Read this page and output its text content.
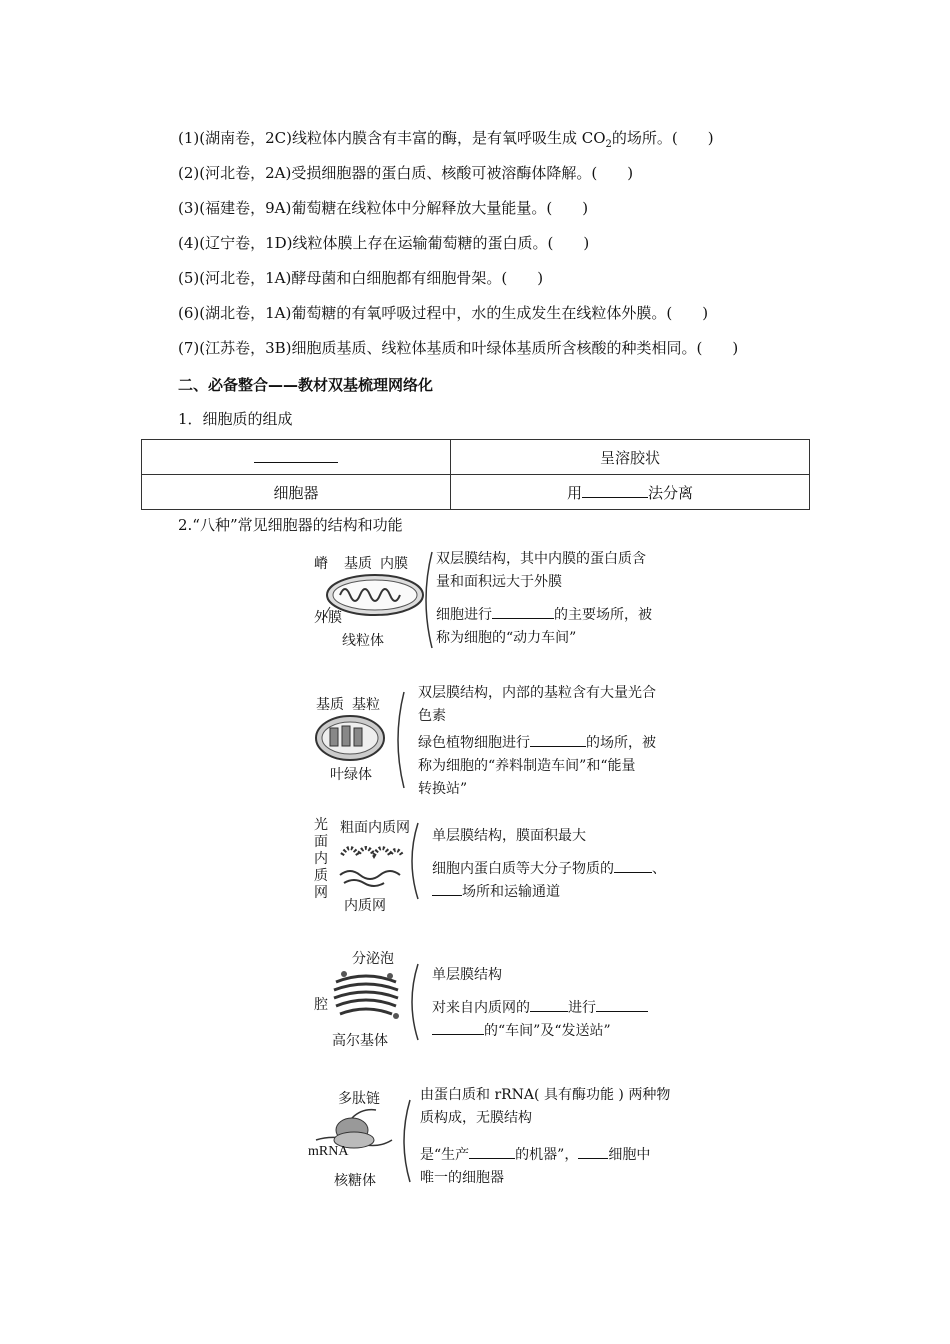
(1)(湖南卷，2C)线粒体内膜含有丰富的酶，是有氧呼吸生成 $CO_2$的场所。(　　)
(2)(河北卷，2A)受损细胞器的蛋白质、核酸可被溶酶体降解。(　　)
(3)(福建卷，9A)葡萄糖在线粒体中分解释放大量能量。(　　)
(4)(辽宁卷，1D)线粒体膜上存在运输葡萄糖的蛋白质。(　　)
(5)(河北卷，1A)酵母菌和白细胞都有细胞骨架。(　　)
(6)(湖北卷，1A)葡萄糖的有氧呼吸过程中，水的生成发生在线粒体外膜。(　　)
(7)(江苏卷，3B)细胞质基质、线粒体基质和叶绿体基质所含核酸的种类相同。(　　)
二、必备整合——教材双基梳理网络化
1．细胞质的组成
	呈溶胶状
细胞器	用 法分离
2.“八种”常见细胞器的结构和功能
嵴 基质 内膜
外膜
线粒体
双层膜结构，其中内膜的蛋白质含
量和面积远大于外膜
细胞进行	的主要场所，被
称为细胞的“动力车间”
基质 基粒
叶绿体
双层膜结构，内部的基粒含有大量光合
色素
绿色植物细胞进行	的场所，被
称为细胞的“养料制造车间”和“能量
转换站”
光
面
内
质
网
粗面内质网
内质网
单层膜结构，膜面积最大
细胞内蛋白质等大分子物质的	、
场所和运输通道
分泌泡
腔
高尔基体
单层膜结构
对来自内质网的	进行
的“车间”及“发送站”
多肽链
mRNA
核糖体
由蛋白质和 rRNA( 具有酶功能 ) 两种物
质构成，无膜结构
是“生产	的机器”， 细胞中
唯一的细胞器
